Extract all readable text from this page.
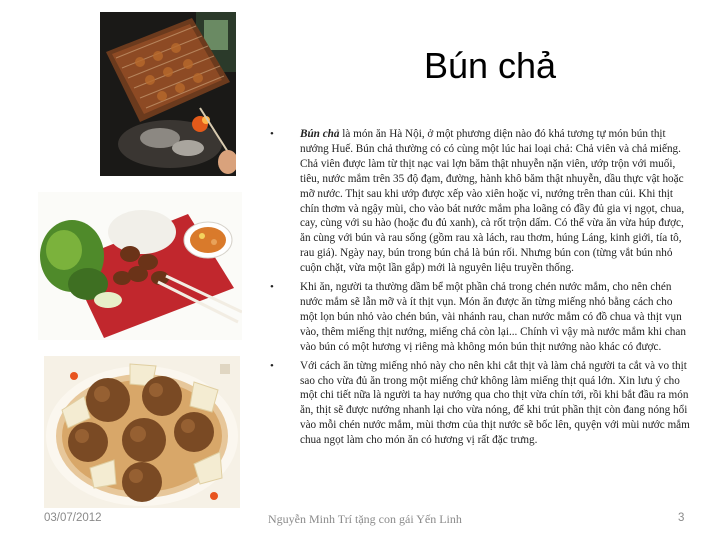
Bún chả
• Bún chả là món ăn Hà Nội, ở một phương diện nào đó khá tương tự món bún thịt nướng Huế. Bún chả thường có có cùng một lúc hai loại chả: Chả viên và chả miếng. Chả viên được làm từ thịt nạc vai lợn băm thật nhuyễn nặn viên, ướp trộn với muối, tiêu, nước mắm trên 35 độ đạm, đường, hành khô băm thật nhuyễn, dầu thực vật hoặc mỡ nước. Thịt sau khi ướp được xếp vào xiên hoặc vỉ, nướng trên than củi. Khi thịt chín thơm và ngậy mùi, cho vào bát nước mắm pha loãng có đầy đủ gia vị ngọt, chua, cay, cùng với su hào (hoặc đu đủ xanh), cà rốt trộn dấm. Có thể vừa ăn vừa húp được, ăn cùng với bún và rau sống (gồm rau xà lách, rau thơm, húng Láng, kinh giới, tía tô, rau giá). Ngày nay, bún trong bún chả là bún rối. Nhưng bún con (từng vắt bún nhỏ cuộn chặt, vừa một lần gắp) mới là nguyên liệu truyền thống.
• Khi ăn, người ta thường dầm bể một phần chả trong chén nước mắm, cho nên chén nước mắm sẽ lẫn mỡ và ít thịt vụn. Món ăn được ăn từng miếng nhỏ bằng cách cho một lọn bún nhỏ vào chén bún, vài nhánh rau, chan nước mắm có đồ chua và thịt vụn vào, thêm miếng thịt nướng, miếng chả còn lại... Chính vì vậy mà nước mắm khi chan vào bún có một hương vị riêng mà không món bún thịt nướng nào khác có được.
• Với cách ăn từng miếng nhỏ này cho nên khi cắt thịt và làm chả người ta cắt và vo thịt sao cho vừa đủ ăn trong một miếng chứ không làm miếng thịt quá lớn. Xin lưu ý cho một chi tiết nữa là người ta hay nướng qua cho thịt vừa chín tới, rồi khi bắt đầu ra món ăn, thịt sẽ được nướng nhanh lại cho vừa nóng, để khi trút phần thịt còn đang nóng hổi vào mỗi chén nước mắm, mùi thơm của thịt nước sẽ bốc lên, quyện với mùi nước mắm chua ngọt làm cho món ăn có hương vị rất đặc trưng.
03/07/2012	Nguyễn Minh Trí tặng con gái Yến Linh	3
